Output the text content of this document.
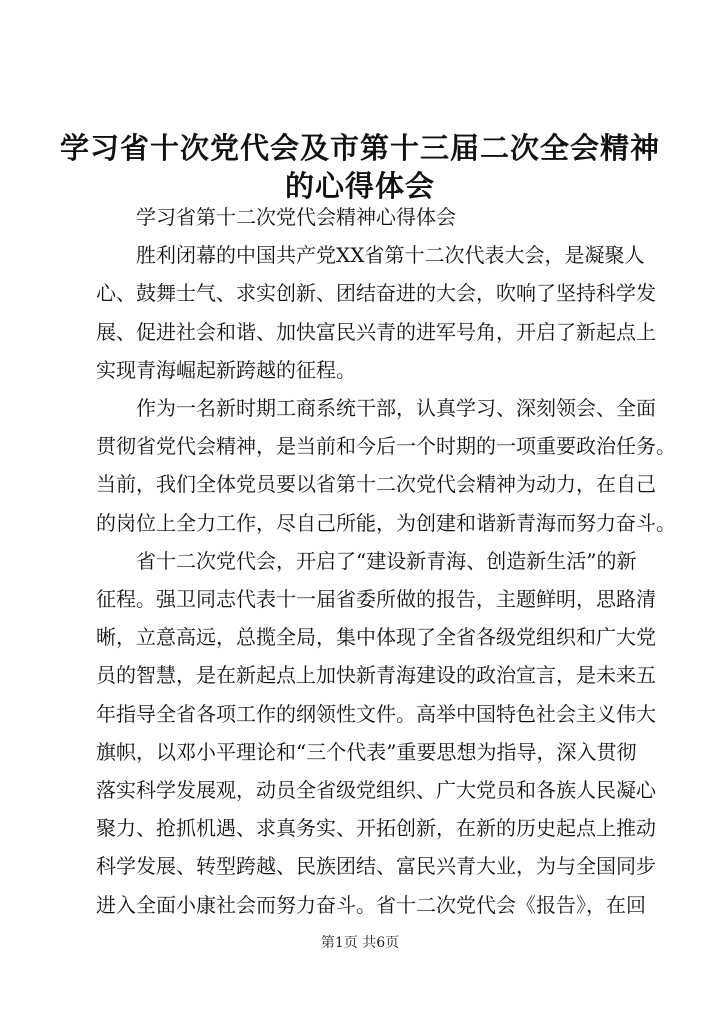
学习省十次党代会及市第十三届二次全会精神
的心得体会
学习省第十二次党代会精神心得体会

胜利闭幕的中国共产党XX省第十二次代表大会，是凝聚人
心、鼓舞士气、求实创新、团结奋进的大会，吹响了坚持科学发
展、促进社会和谐、加快富民兴青的进军号角，开启了新起点上
实现青海崛起新跨越的征程。

作为一名新时期工商系统干部，认真学习、深刻领会、全面
贯彻省党代会精神，是当前和今后一个时期的一项重要政治任务。
当前，我们全体党员要以省第十二次党代会精神为动力，在自己
的岗位上全力工作，尽自己所能，为创建和谐新青海而努力奋斗。

省十二次党代会，开启了“建设新青海、创造新生活”的新
征程。强卫同志代表十一届省委所做的报告，主题鲜明，思路清
晰，立意高远，总揽全局，集中体现了全省各级党组织和广大党
员的智慧，是在新起点上加快新青海建设的政治宣言，是未来五
年指导全省各项工作的纲领性文件。高举中国特色社会主义伟大
旗帜，以邓小平理论和“三个代表”重要思想为指导，深入贯彻
落实科学发展观，动员全省级党组织、广大党员和各族人民凝心
聚力、抢抓机遇、求真务实、开拓创新，在新的历史起点上推动
科学发展、转型跨越、民族团结、富民兴青大业，为与全国同步
进入全面小康社会而努力奋斗。省十二次党代会《报告》，在回

第1页 共6页
